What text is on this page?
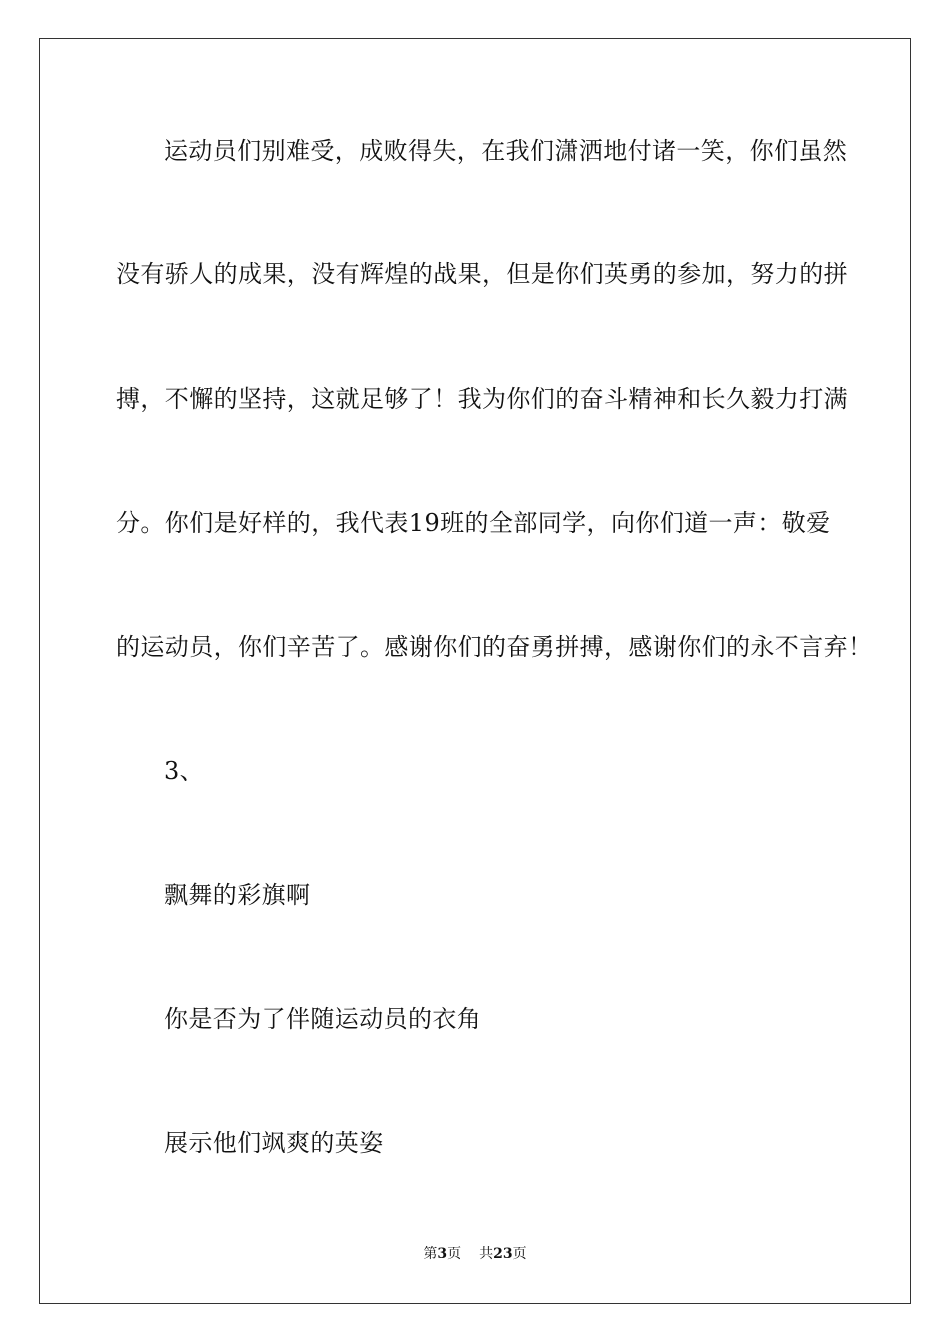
运动员们别难受，成败得失，在我们潇洒地付诸一笑，你们虽然
没有骄人的成果，没有辉煌的战果，但是你们英勇的参加，努力的拼
搏，不懈的坚持，这就足够了！我为你们的奋斗精神和长久毅力打满
分。你们是好样的，我代表19班的全部同学，向你们道一声：敬爱
的运动员，你们辛苦了。感谢你们的奋勇拼搏，感谢你们的永不言弃！
3、
飘舞的彩旗啊
你是否为了伴随运动员的衣角
展示他们飒爽的英姿
第3页 共23页
